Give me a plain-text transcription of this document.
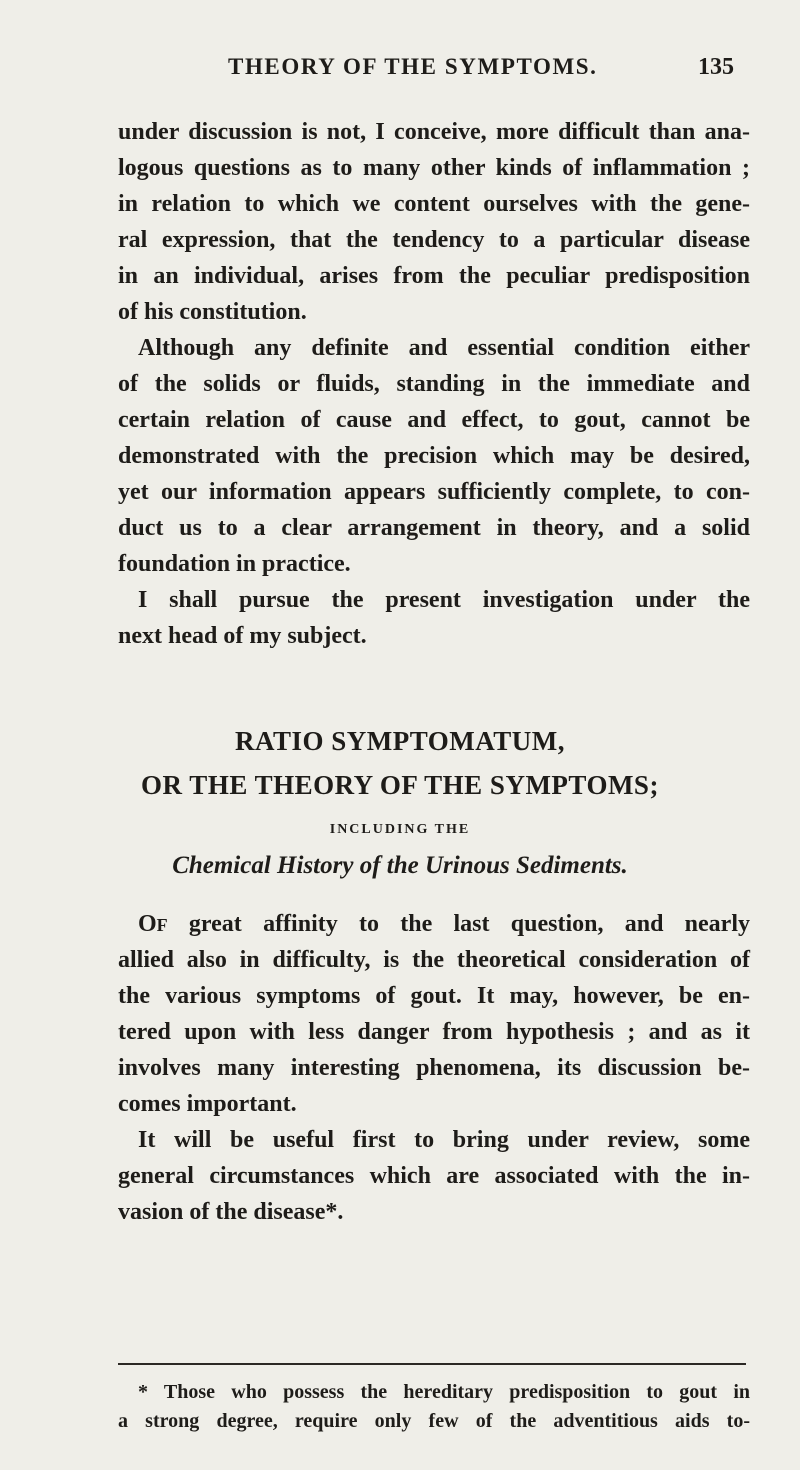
THEORY OF THE SYMPTOMS.	135
under discussion is not, I conceive, more difficult than ana-
logous questions as to many other kinds of inflammation ;
in relation to which we content ourselves with the gene-
ral expression, that the tendency to a particular disease
in an individual, arises from the peculiar predisposition
of his constitution.
Although any definite and essential condition either
of the solids or fluids, standing in the immediate and
certain relation of cause and effect, to gout, cannot be
demonstrated with the precision which may be desired,
yet our information appears sufficiently complete, to con-
duct us to a clear arrangement in theory, and a solid
foundation in practice.
I shall pursue the present investigation under the
next head of my subject.
RATIO SYMPTOMATUM,
OR THE THEORY OF THE SYMPTOMS;
INCLUDING THE
Chemical History of the Urinous Sediments.
OF great affinity to the last question, and nearly
allied also in difficulty, is the theoretical consideration of
the various symptoms of gout. It may, however, be en-
tered upon with less danger from hypothesis ; and as it
involves many interesting phenomena, its discussion be-
comes important.
It will be useful first to bring under review, some
general circumstances which are associated with the in-
vasion of the disease*.
* Those who possess the hereditary predisposition to gout in
a strong degree, require only few of the adventitious aids to-
